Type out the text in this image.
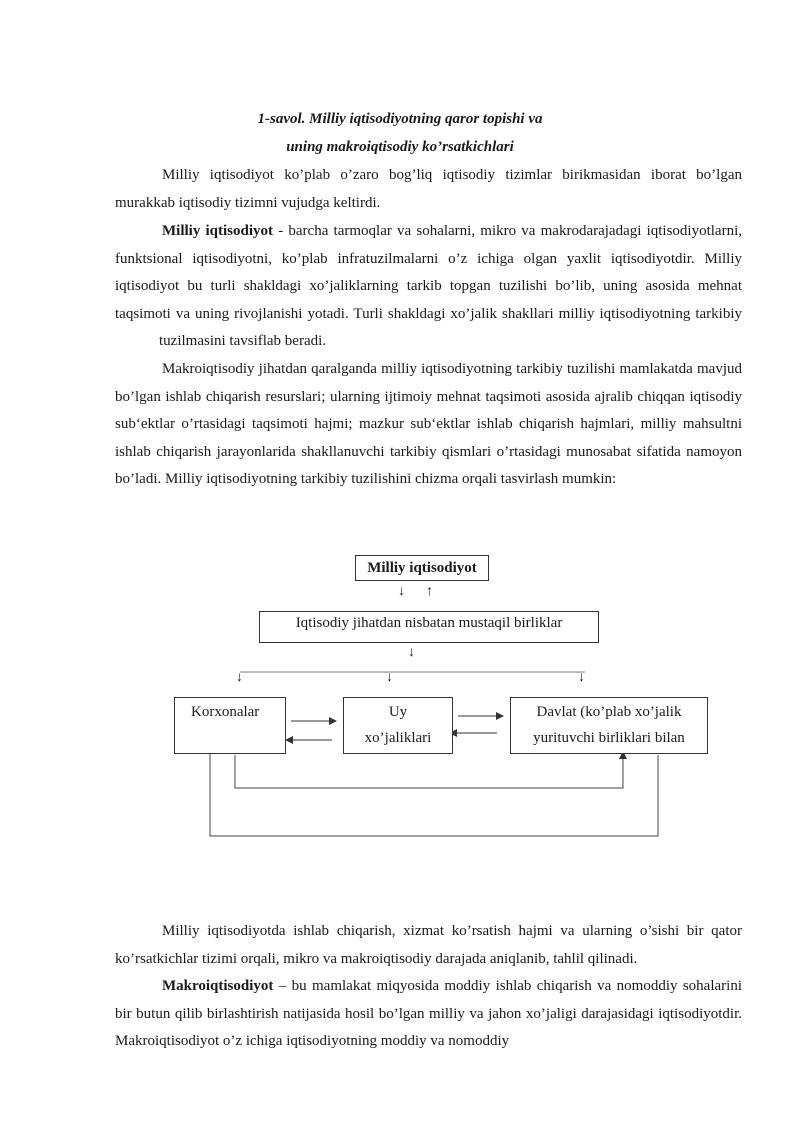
1-savol. Milliy iqtisodiyotning qaror topishi va
uning makroiqtisodiy ko’rsatkichlari

Milliy iqtisodiyot ko’plab o’zaro bog’liq iqtisodiy tizimlar birikmasidan iborat bo’lgan murakkab iqtisodiy tizimni vujudga keltirdi.

Milliy iqtisodiyot - barcha tarmoqlar va sohalarni, mikro va makrodarajadagi iqtisodiyotlarni, funktsional iqtisodiyotni, ko’plab infratuzilmalarni o’z ichiga olgan yaxlit iqtisodiyotdir. Milliy iqtisodiyot bu turli shakldagi xo’jaliklarning tarkib topgan tuzilishi bo’lib, uning asosida mehnat taqsimoti va uning rivojlanishi yotadi. Turli shakldagi xo’jalik shakllari milliy iqtisodiyotning tarkibiytuzilmasini tavsiflab beradi.

Makroiqtisodiy jihatdan qaralganda milliy iqtisodiyotning tarkibiy tuzilishi mamlakatda mavjud bo’lgan ishlab chiqarish resurslari; ularning ijtimoiy mehnat taqsimoti asosida ajralib chiqqan iqtisodiy sub‘ektlar o’rtasidagi taqsimoti hajmi; mazkur sub‘ektlar ishlab chiqarish hajmlari, milliy mahsultni ishlab chiqarish jarayonlarida shakllanuvchi tarkibiy qismlari o’rtasidagi munosabat sifatida namoyon bo’ladi. Milliy iqtisodiyotning tarkibiy tuzilishini chizma orqali tasvirlash mumkin:

Milliy iqtisodiyot
↓      ↑
Iqtisodiy jihatdan nisbatan mustaqil birliklar
↓
↓	↓	↓
Korxonalar	Uy
xo’jaliklari
Davlat (ko’plab xo’jalik
yurituvchi birliklari bilan

Milliy iqtisodiyotda ishlab chiqarish, xizmat ko’rsatish hajmi va ularning o’sishi bir qator ko’rsatkichlar tizimi orqali, mikro va makroiqtisodiy darajada aniqlanib, tahlil qilinadi.

Makroiqtisodiyot – bu mamlakat miqyosida moddiy ishlab chiqarish va nomoddiy sohalarini bir butun qilib birlashtirish natijasida hosil bo’lgan milliy va jahon xo’jaligi darajasidagi iqtisodiyotdir. Makroiqtisodiyot o’z ichiga iqtisodiyotning moddiy va nomoddiy
